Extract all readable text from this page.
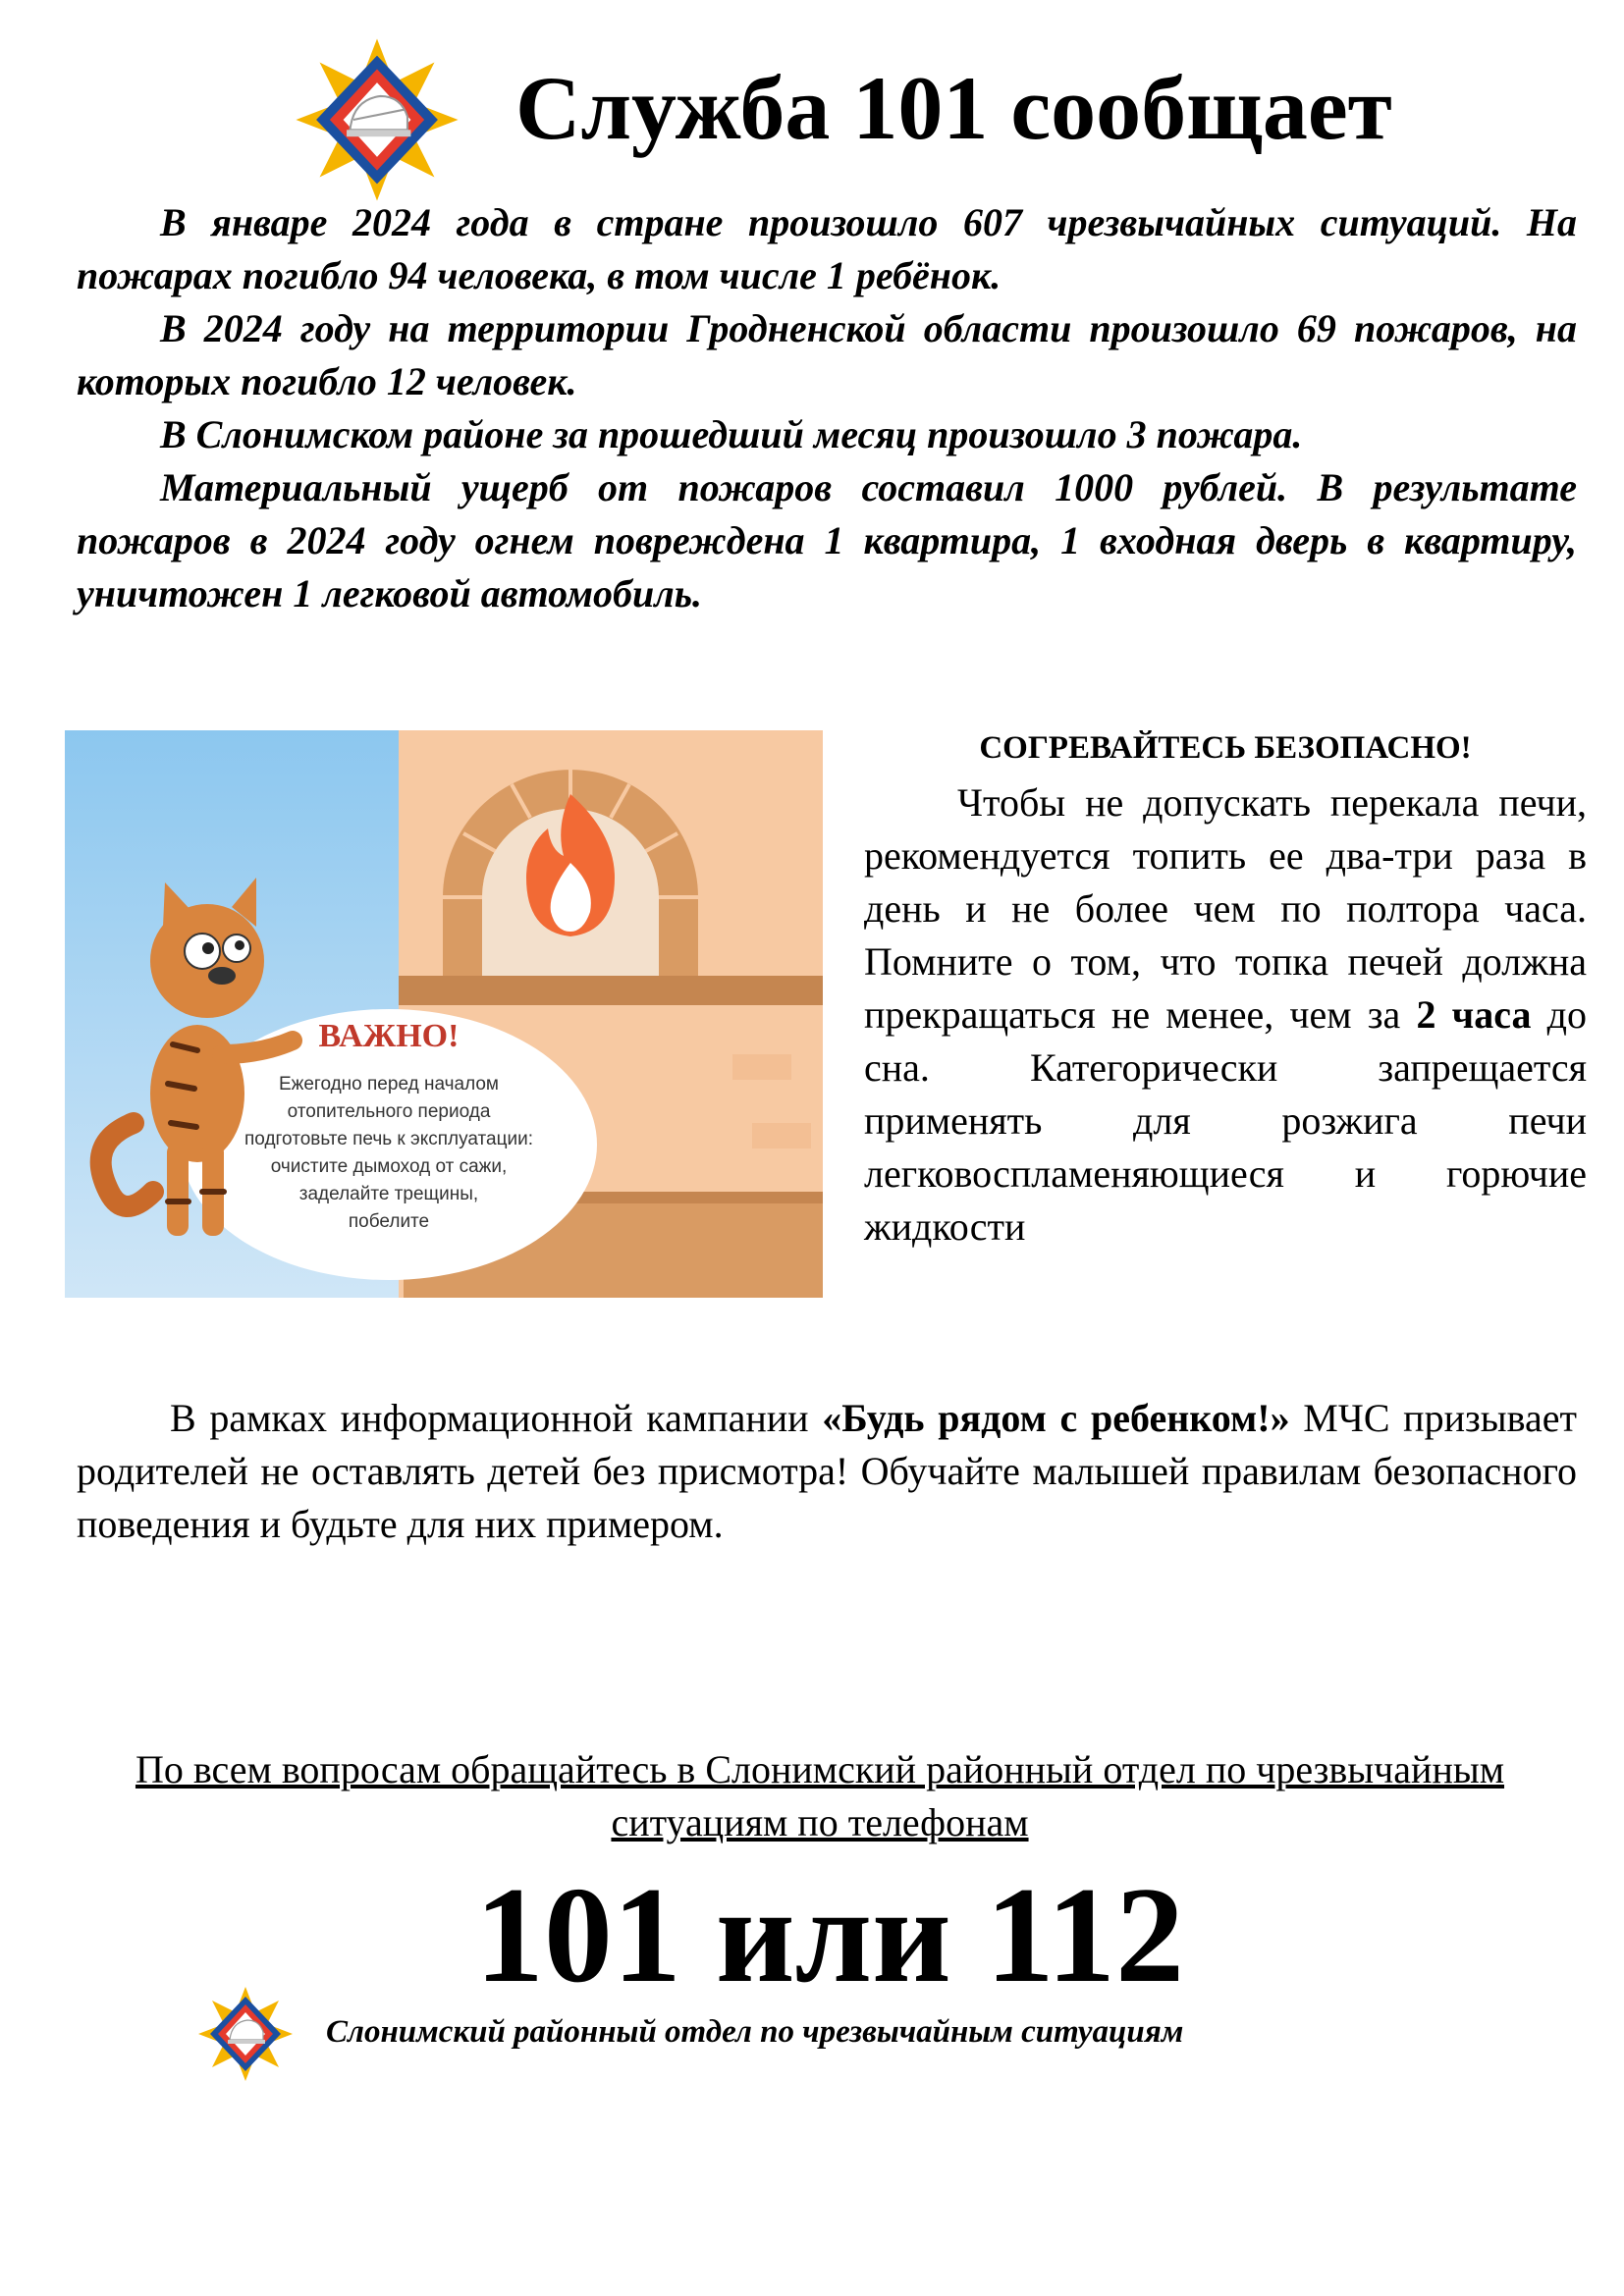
Служба 101 сообщает

В январе 2024 года в стране произошло 607 чрезвычайных ситуаций. На пожарах погибло 94 человека, в том числе 1 ребёнок.

В 2024 году на территории Гродненской области произошло 69 пожаров, на которых погибло 12 человек.

В Слонимском районе за прошедший месяц произошло 3 пожара.

Материальный ущерб от пожаров составил 1000 рублей. В результате пожаров в 2024 году огнем повреждена 1 квартира, 1 входная дверь в квартиру, уничтожен 1 легковой автомобиль.

ВАЖНО!
Ежегодно перед началом
отопительного периода
подготовьте печь к эксплуатации:
очистите дымоход от сажи,
заделайте трещины,
побелите

СОГРЕВАЙТЕСЬ БЕЗОПАСНО!

Чтобы не допускать перекала печи, рекомендуется топить ее два-три раза в день и не более чем по полтора часа. Помните о том, что топка печей должна прекращаться не менее, чем за 2 часа до сна. Категорически запрещается применять для розжига печи легковоспламеняющиеся и горючие жидкости

В рамках информационной кампании «Будь рядом с ребенком!» МЧС призывает родителей не оставлять детей без присмотра! Обучайте малышей правилам безопасного поведения и будьте для них примером.

По всем вопросам обращайтесь в Слонимский районный отдел по чрезвычайным ситуациям по телефонам

101 или 112

Слонимский районный отдел по чрезвычайным ситуациям
